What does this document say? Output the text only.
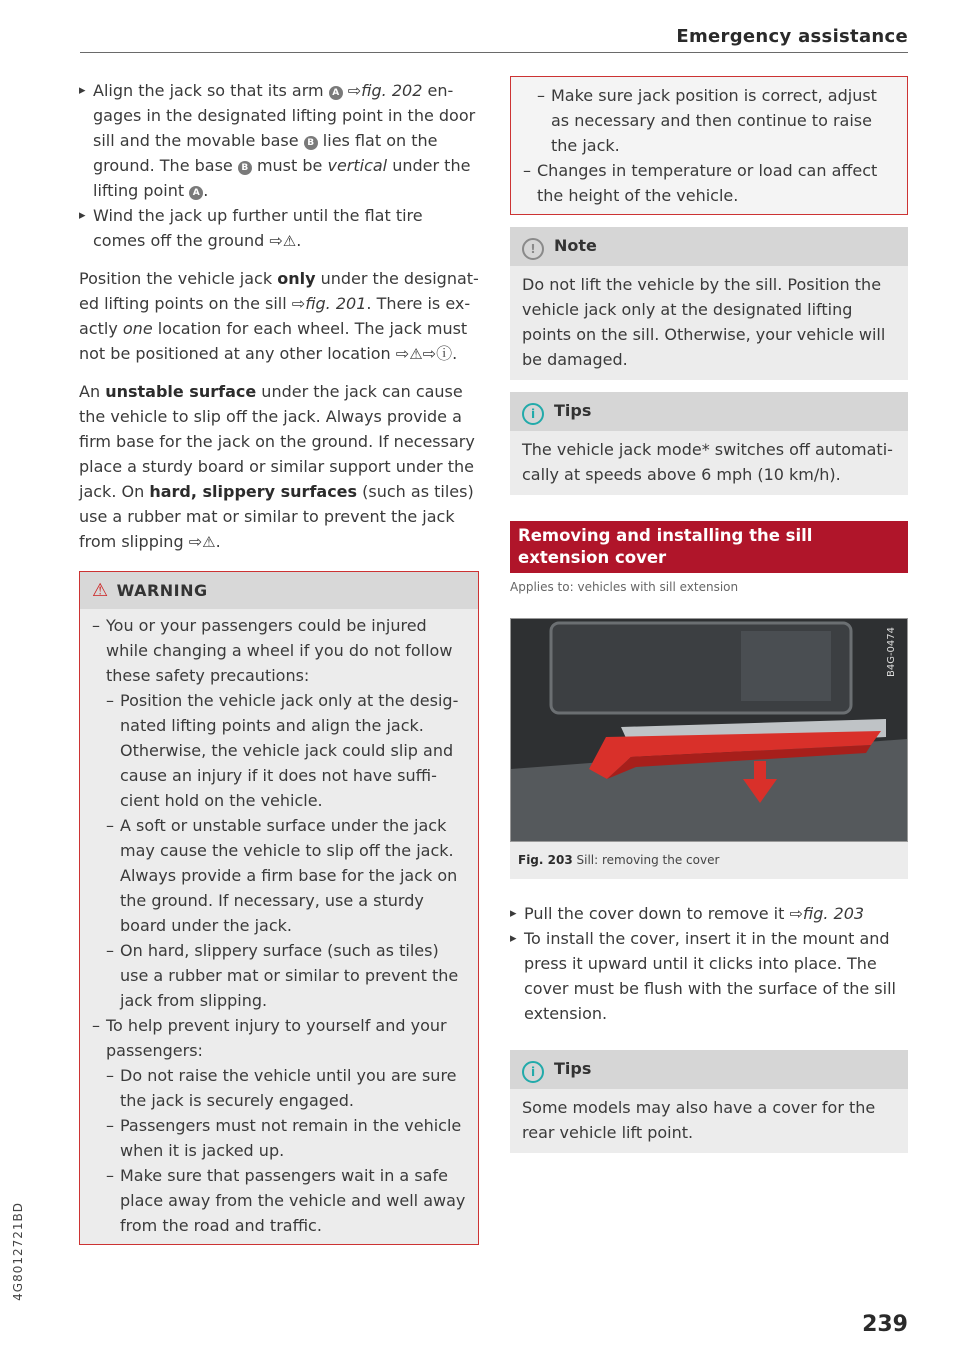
Emergency assistance

▸ Align the jack so that its arm A ⇨fig. 202 en-gages in the designated lifting point in the door sill and the movable base B lies flat on the ground. The base B must be vertical under the lifting point A .

▸ Wind the jack up further until the flat tire comes off the ground ⇨⚠.

Position the vehicle jack only under the designat-ed lifting points on the sill ⇨fig. 201. There is ex-actly one location for each wheel. The jack must not be positioned at any other location ⇨⚠⇨ⓘ.

An unstable surface under the jack can cause the vehicle to slip off the jack. Always provide a firm base for the jack on the ground. If necessary place a sturdy board or similar support under the jack. On hard, slippery surfaces (such as tiles) use a rubber mat or similar to prevent the jack from slipping ⇨⚠.

⚠ WARNING
– You or your passengers could be injured while changing a wheel if you do not follow these safety precautions:
– Position the vehicle jack only at the desig-nated lifting points and align the jack. Otherwise, the vehicle jack could slip and cause an injury if it does not have suffi-cient hold on the vehicle.
– A soft or unstable surface under the jack may cause the vehicle to slip off the jack. Always provide a firm base for the jack on the ground. If necessary, use a sturdy board under the jack.
– On hard, slippery surface (such as tiles) use a rubber mat or similar to prevent the jack from slipping.
– To help prevent injury to yourself and your passengers:
– Do not raise the vehicle until you are sure the jack is securely engaged.
– Passengers must not remain in the vehicle when it is jacked up.
– Make sure that passengers wait in a safe place away from the vehicle and well away from the road and traffic.
– Make sure jack position is correct, adjust as necessary and then continue to raise the jack.
– Changes in temperature or load can affect the height of the vehicle.
! Note
Do not lift the vehicle by the sill. Position the vehicle jack only at the designated lifting points on the sill. Otherwise, your vehicle will be damaged.
i Tips
The vehicle jack mode* switches off automati-cally at speeds above 6 mph (10 km/h).
Removing and installing the sill extension cover
Applies to: vehicles with sill extension
B4G-0474
Fig. 203 Sill: removing the cover

▸ Pull the cover down to remove it ⇨fig. 203

▸ To install the cover, insert it in the mount and press it upward until it clicks into place. The cover must be flush with the surface of the sill extension.

i Tips
Some models may also have a cover for the rear vehicle lift point.
4G8012721BD
239
